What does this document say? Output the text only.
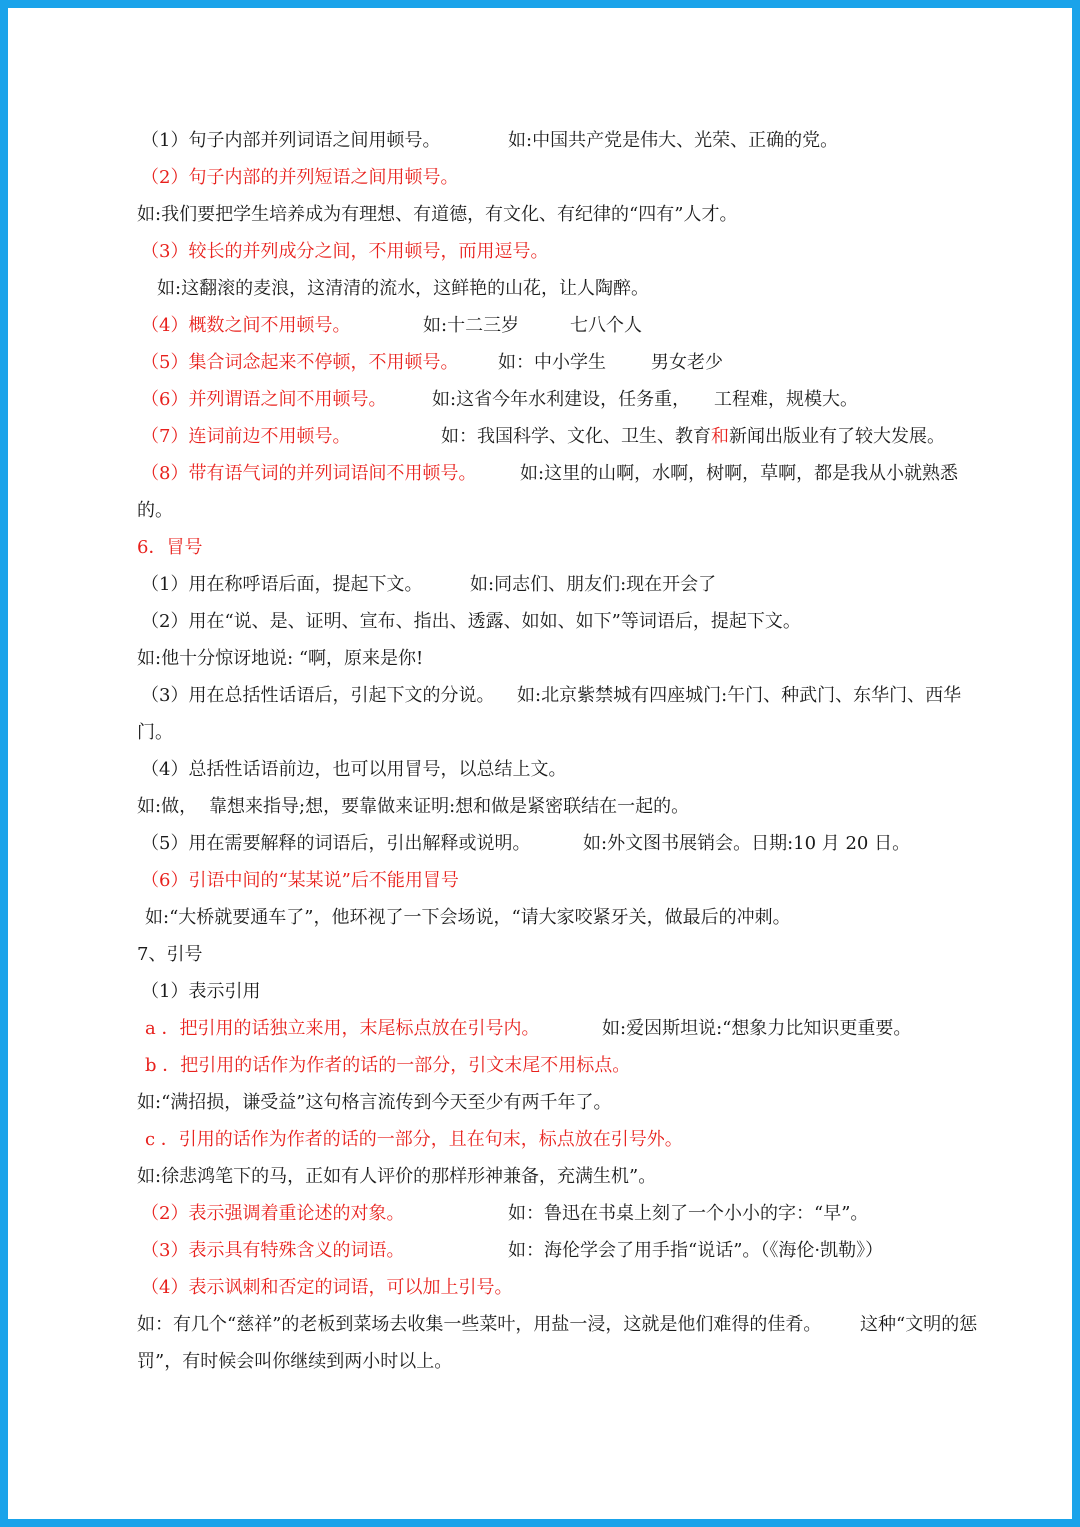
（1）句子内部并列词语之间用顿号。	如:中国共产党是伟大、光荣、正确的党。
（2）句子内部的并列短语之间用顿号。
如:我们要把学生培养成为有理想、有道德，有文化、有纪律的“四有”人才。
（3）较长的并列成分之间，不用顿号，而用逗号。
如:这翻滚的麦浪，这清清的流水，这鲜艳的山花，让人陶醉。
（4）概数之间不用顿号。	如:十二三岁	七八个人
（5）集合词念起来不停顿，不用顿号。 如：中小学生	男女老少
（6）并列谓语之间不用顿号。	如:这省今年水利建设，任务重， 工程难，规模大。
（7）连词前边不用顿号。	如：我国科学、文化、卫生、教育 和 新闻出版业有了较大发展。
（8）带有语气词的并列词语间不用顿号。 如:这里的山啊，水啊，树啊，草啊，都是我从小就熟悉
的。
6．冒号
（1）用在称呼语后面，提起下文。	如:同志们、朋友们:现在开会了
（2）用在“说、是、证明、宣布、指出、透露、如如、如下”等词语后，提起下文。
如:他十分惊讶地说: “啊，原来是你!
（3）用在总括性话语后，引起下文的分说。 如:北京紫禁城有四座城门:午门、种武门、东华门、西华
门。
（4）总括性话语前边，也可以用冒号，以总结上文。
如:做， 靠想来指导;想，要靠做来证明:想和做是紧密联结在一起的。
（5）用在需要解释的词语后，引出解释或说明。	如:外文图书展销会。日期:10 月 20 日。
（6）引语中间的“某某说”后不能用冒号
如:“大桥就要通车了”，他环视了一下会场说，“请大家咬紧牙关，做最后的冲刺。
7、引号
（1）表示引用
a ．把引用的话独立来用，末尾标点放在引号内。	如:爱因斯坦说:“想象力比知识更重要。
b ．把引用的话作为作者的话的一部分，引文末尾不用标点。
如:“满招损，谦受益”这句格言流传到今天至少有两千年了。
c ．引用的话作为作者的话的一部分，且在句末，标点放在引号外。
如:徐悲鸿笔下的马，正如有人评价的那样形神兼备，充满生机”。
（2）表示强调着重论述的对象。	如：鲁迅在书桌上刻了一个小小的字：“早”。
（3）表示具有特殊含义的词语。	如：海伦学会了用手指“说话”。（《海伦·凯勒》）
（4）表示讽刺和否定的词语，可以加上引号。
如：有几个“慈祥”的老板到菜场去收集一些菜叶，用盐一浸，这就是他们难得的佳肴。 这种“文明的惩
罚”，有时候会叫你继续到两小时以上。
